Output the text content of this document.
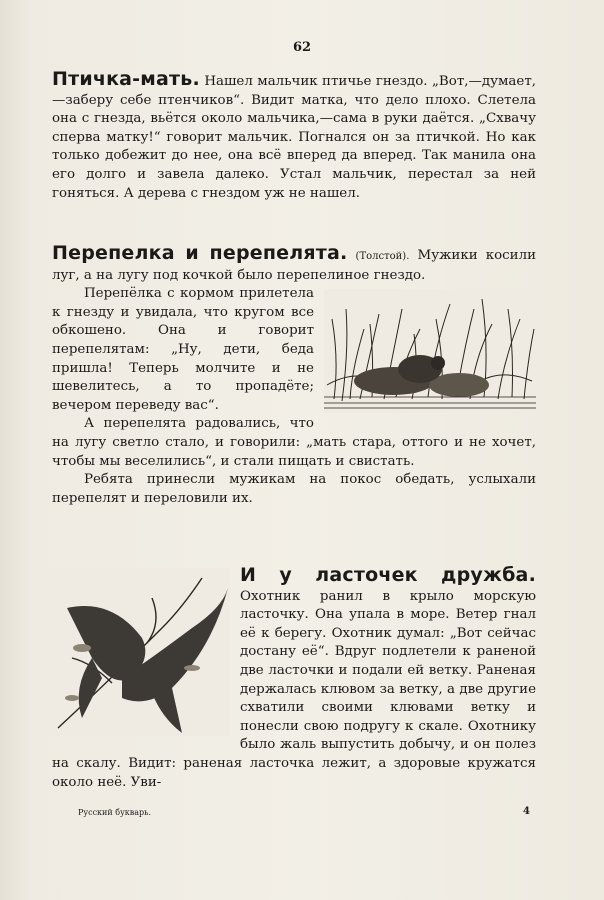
62

Птичка-мать. Нашел мальчик птичье гнездо. „Вот,—думает,—заберу себе птенчиков“. Видит матка, что дело плохо. Слетела она с гнезда, вьётся около мальчика,—сама в руки даётся. „Схвачу сперва матку!“ говорит мальчик. Погнался он за птичкой. Но как только добежит до нее, она всё вперед да вперед. Так манила она его долго и завела далеко. Устал мальчик, перестал за ней гоняться. А дерева с гнездом уж не нашел.

Перепелка и перепелята. (Толстой). Мужики косили луг, а на лугу под кочкой было перепелиное гнездо.

Перепёлка с кормом прилетела к гнезду и увидала, что кругом все обкошено. Она и говорит перепелятам: „Ну, дети, беда пришла! Теперь молчите и не шевелитесь, а то пропадёте; вечером переведу вас“.

А перепелята радовались, что на лугу светло стало, и говорили: „мать стара, оттого и не хочет, чтобы мы веселились“, и стали пищать и свистать.

Ребята принесли мужикам на покос обедать, услыхали перепелят и переловили их.

И у ласточек дружба. Охотник ранил в крыло морскую ласточку. Она упала в море. Ветер гнал её к берегу. Охотник думал: „Вот сейчас достану её“. Вдруг подлетели к раненой две ласточки и подали ей ветку. Раненая держалась клювом за ветку, а две другие схватили своими клювами ветку и понесли свою подругу к скале. Охотнику было жаль выпустить добычу, и он полез на скалу. Видит: раненая ласточка лежит, а здоровые кружатся около неё. Уви-

Русский букварь.	4
